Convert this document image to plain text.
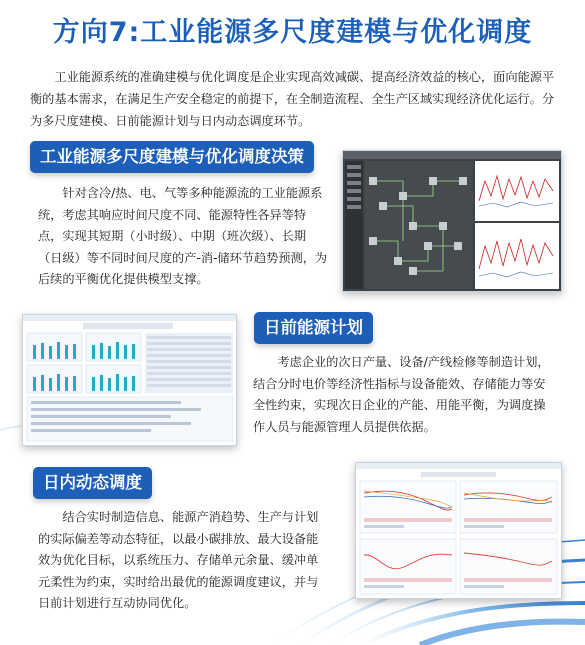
方向7:工业能源多尺度建模与优化调度
工业能源系统的准确建模与优化调度是企业实现高效减碳、提高经济效益的核心，面向能源平衡的基本需求，在满足生产安全稳定的前提下，在全制造流程、全生产区域实现经济优化运行。分为多尺度建模、日前能源计划与日内动态调度环节。
工业能源多尺度建模与优化调度决策
针对含冷/热、电、气等多种能源流的工业能源系统，考虑其响应时间尺度不同、能源特性各异等特点，实现其短期（小时级）、中期（班次级）、长期（日级）等不同时间尺度的产-消-储环节趋势预测，为后续的平衡优化提供模型支撑。
日前能源计划
考虑企业的次日产量、设备/产线检修等制造计划，结合分时电价等经济性指标与设备能效、存储能力等安全性约束，实现次日企业的产能、用能平衡，为调度操作人员与能源管理人员提供依据。
日内动态调度
结合实时制造信息、能源产消趋势、生产与计划的实际偏差等动态特征，以最小碳排放、最大设备能效为优化目标，以系统压力、存储单元余量、缓冲单元柔性为约束，实时给出最优的能源调度建议，并与日前计划进行互动协同优化。
